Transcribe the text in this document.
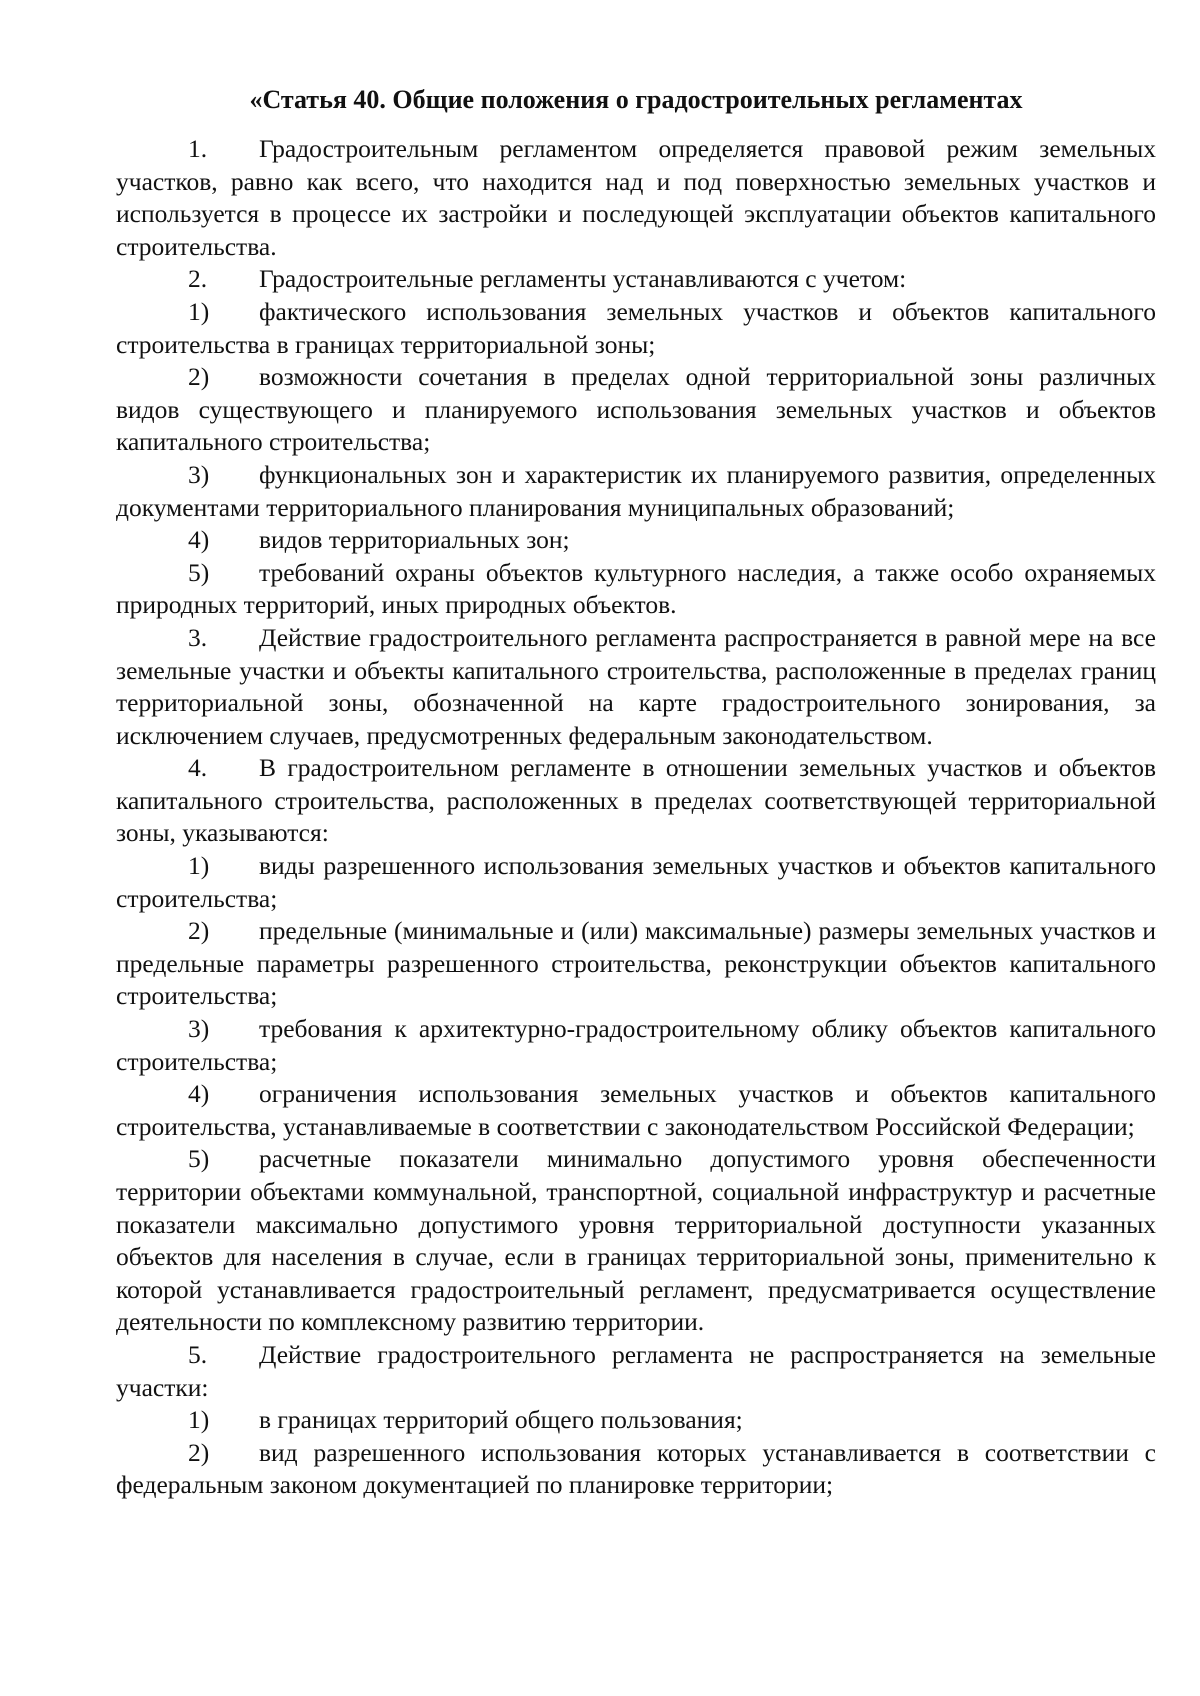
«Статья 40. Общие положения о градостроительных регламентах

1. Градостроительным регламентом определяется правовой режим земельных участков, равно как всего, что находится над и под поверхностью земельных участков и используется в процессе их застройки и последующей эксплуатации объектов капитального строительства.

2. Градостроительные регламенты устанавливаются с учетом:

1) фактического использования земельных участков и объектов капитального строительства в границах территориальной зоны;

2) возможности сочетания в пределах одной территориальной зоны различных видов существующего и планируемого использования земельных участков и объектов капитального строительства;

3) функциональных зон и характеристик их планируемого развития, определенных документами территориального планирования муниципальных образований;

4) видов территориальных зон;

5) требований охраны объектов культурного наследия, а также особо охраняемых природных территорий, иных природных объектов.

3. Действие градостроительного регламента распространяется в равной мере на все земельные участки и объекты капитального строительства, расположенные в пределах границ территориальной зоны, обозначенной на карте градостроительного зонирования, за исключением случаев, предусмотренных федеральным законодательством.

4. В градостроительном регламенте в отношении земельных участков и объектов капитального строительства, расположенных в пределах соответствующей территориальной зоны, указываются:

1) виды разрешенного использования земельных участков и объектов капитального строительства;

2) предельные (минимальные и (или) максимальные) размеры земельных участков и предельные параметры разрешенного строительства, реконструкции объектов капитального строительства;

3) требования к архитектурно-градостроительному облику объектов капитального строительства;

4) ограничения использования земельных участков и объектов капитального строительства, устанавливаемые в соответствии с законодательством Российской Федерации;

5) расчетные показатели минимально допустимого уровня обеспеченности территории объектами коммунальной, транспортной, социальной инфраструктур и расчетные показатели максимально допустимого уровня территориальной доступности указанных объектов для населения в случае, если в границах территориальной зоны, применительно к которой устанавливается градостроительный регламент, предусматривается осуществление деятельности по комплексному развитию территории.

5. Действие градостроительного регламента не распространяется на земельные участки:

1) в границах территорий общего пользования;

2) вид разрешенного использования которых устанавливается в соответствии с федеральным законом документацией по планировке территории;
